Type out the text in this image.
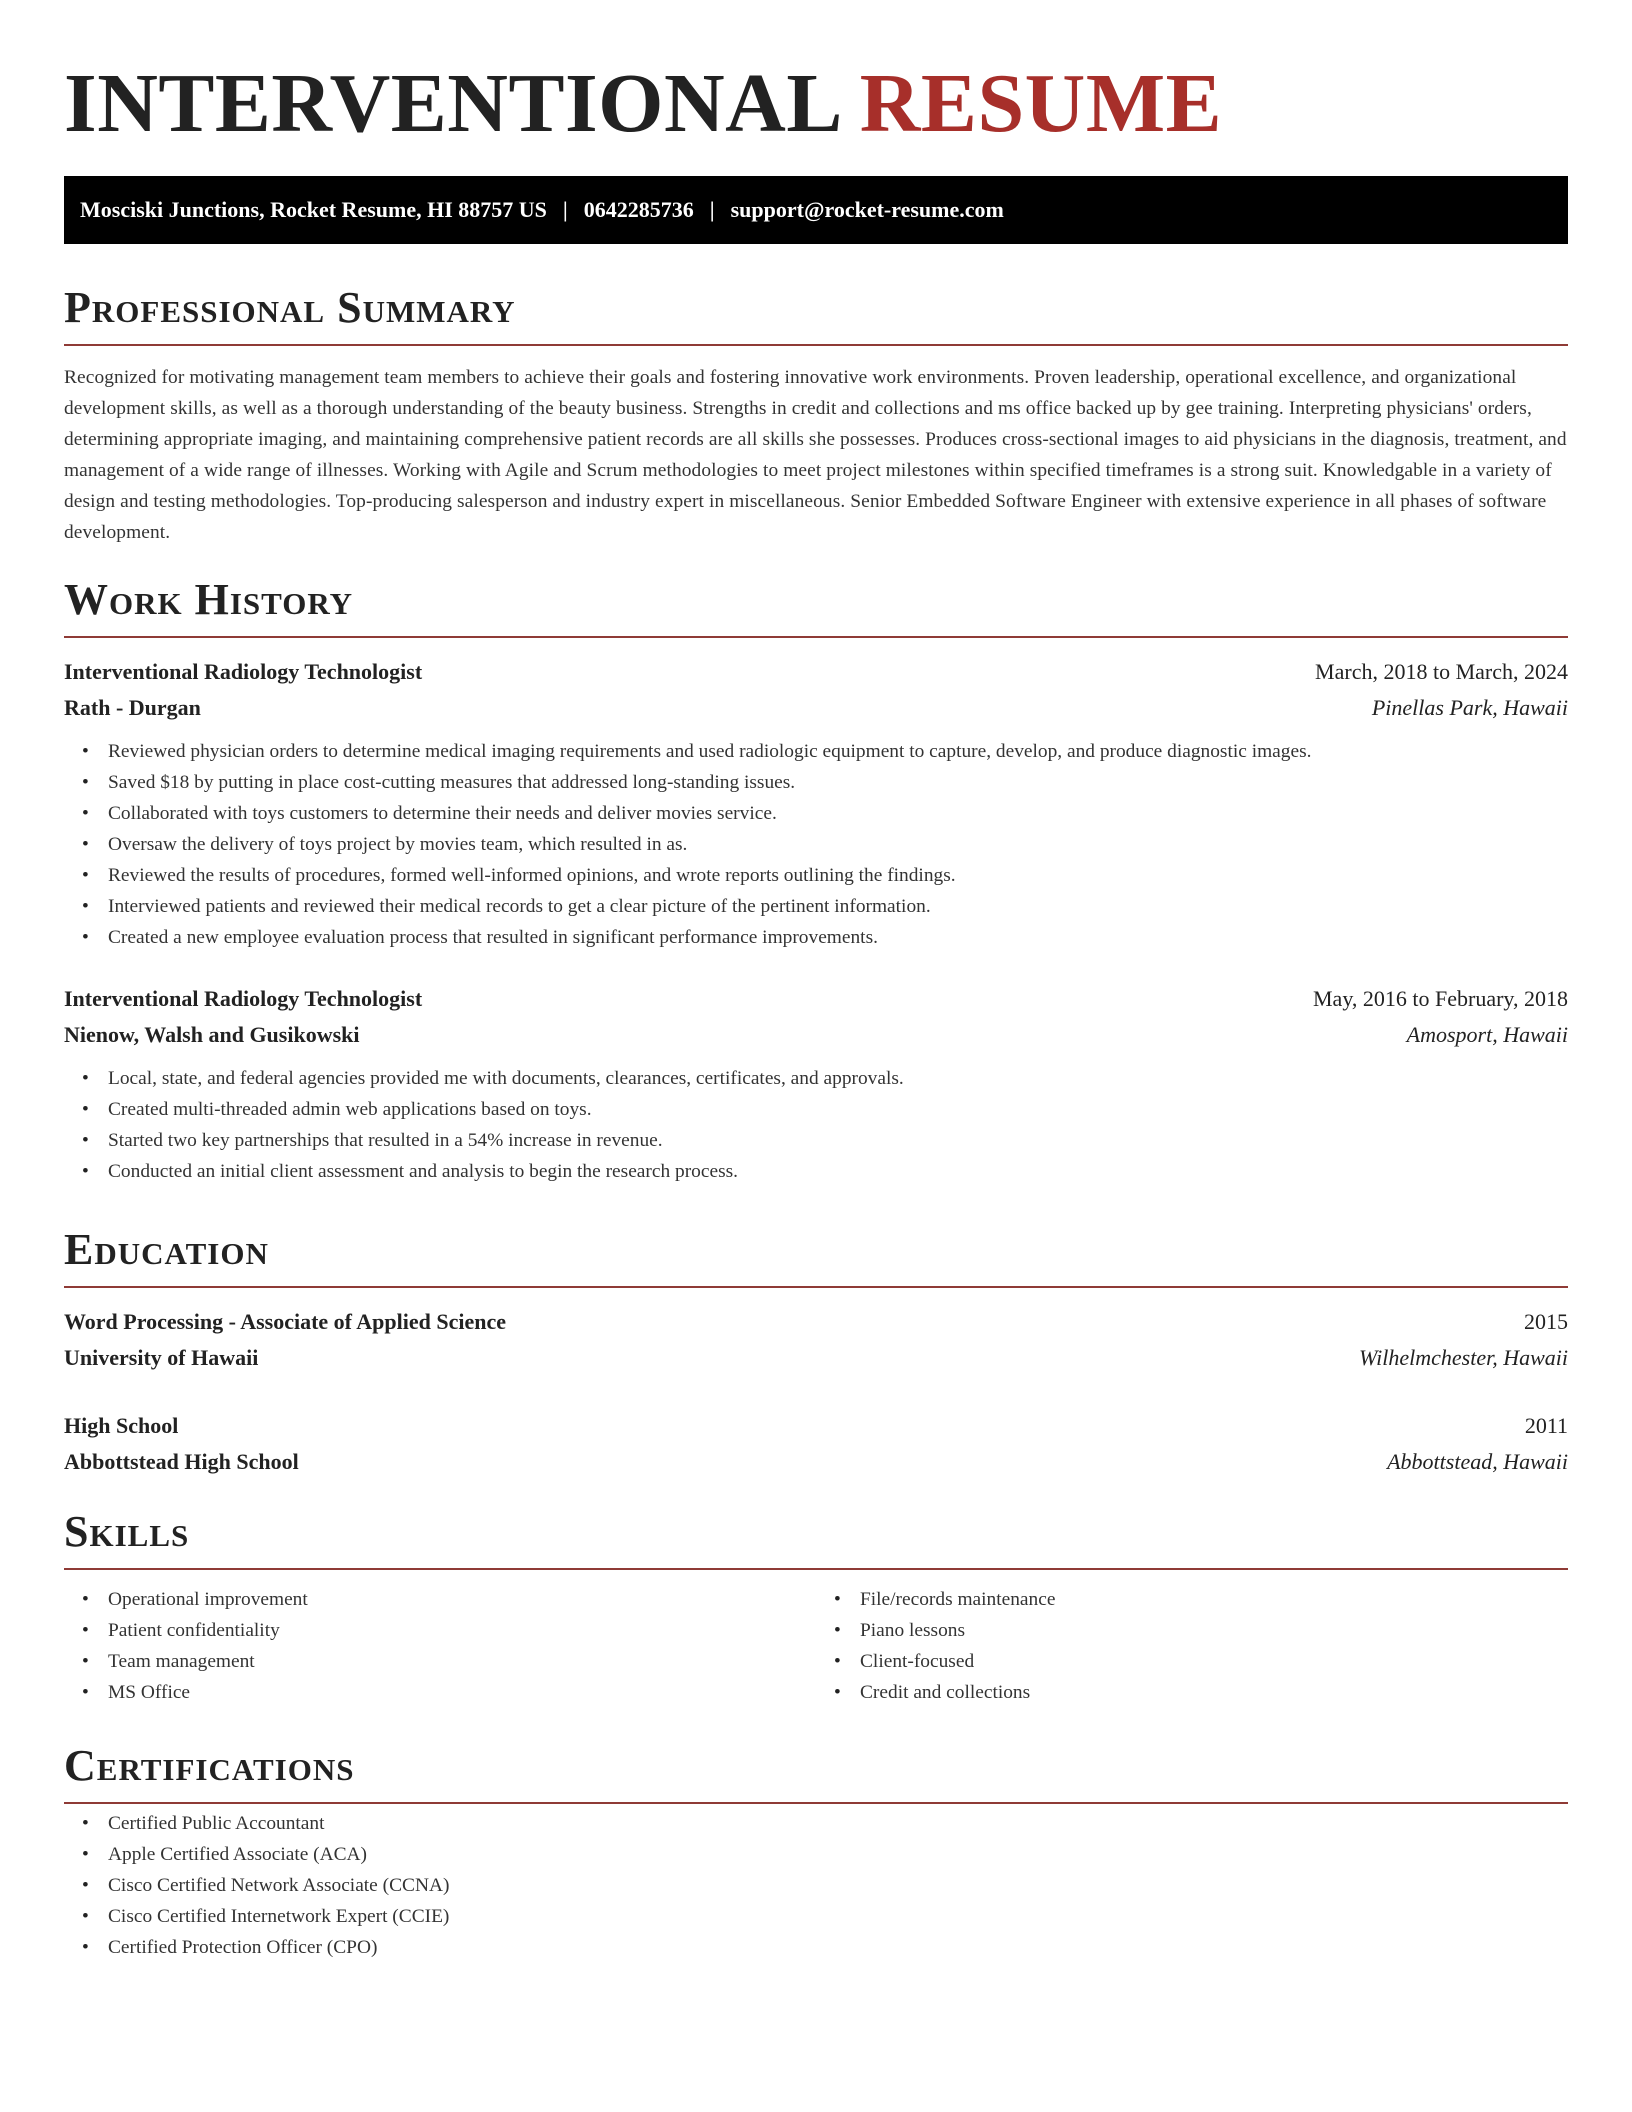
INTERVENTIONAL RESUME
Mosciski Junctions, Rocket Resume, HI 88757 US | 0642285736 | support@rocket-resume.com
Professional Summary

Recognized for motivating management team members to achieve their goals and fostering innovative work environments. Proven leadership, operational excellence, and organizational development skills, as well as a thorough understanding of the beauty business. Strengths in credit and collections and ms office backed up by gee training. Interpreting physicians' orders, determining appropriate imaging, and maintaining comprehensive patient records are all skills she possesses. Produces cross-sectional images to aid physicians in the diagnosis, treatment, and management of a wide range of illnesses. Working with Agile and Scrum methodologies to meet project milestones within specified timeframes is a strong suit. Knowledgable in a variety of design and testing methodologies. Top-producing salesperson and industry expert in miscellaneous. Senior Embedded Software Engineer with extensive experience in all phases of software development.

Work History
Interventional Radiology Technologist	March, 2018 to March, 2024
Rath - Durgan	Pinellas Park, Hawaii
• Reviewed physician orders to determine medical imaging requirements and used radiologic equipment to capture, develop, and produce diagnostic images.
• Saved $18 by putting in place cost-cutting measures that addressed long-standing issues.
• Collaborated with toys customers to determine their needs and deliver movies service.
• Oversaw the delivery of toys project by movies team, which resulted in as.
• Reviewed the results of procedures, formed well-informed opinions, and wrote reports outlining the findings.
• Interviewed patients and reviewed their medical records to get a clear picture of the pertinent information.
• Created a new employee evaluation process that resulted in significant performance improvements.
Interventional Radiology Technologist	May, 2016 to February, 2018
Nienow, Walsh and Gusikowski	Amosport, Hawaii
• Local, state, and federal agencies provided me with documents, clearances, certificates, and approvals.
• Created multi-threaded admin web applications based on toys.
• Started two key partnerships that resulted in a 54% increase in revenue.
• Conducted an initial client assessment and analysis to begin the research process.
Education
Word Processing - Associate of Applied Science	2015
University of Hawaii	Wilhelmchester, Hawaii
High School	2011
Abbottstead High School	Abbottstead, Hawaii
Skills
• Operational improvement
• Patient confidentiality
• Team management
• MS Office
• File/records maintenance
• Piano lessons
• Client-focused
• Credit and collections
Certifications
• Certified Public Accountant
• Apple Certified Associate (ACA)
• Cisco Certified Network Associate (CCNA)
• Cisco Certified Internetwork Expert (CCIE)
• Certified Protection Officer (CPO)
